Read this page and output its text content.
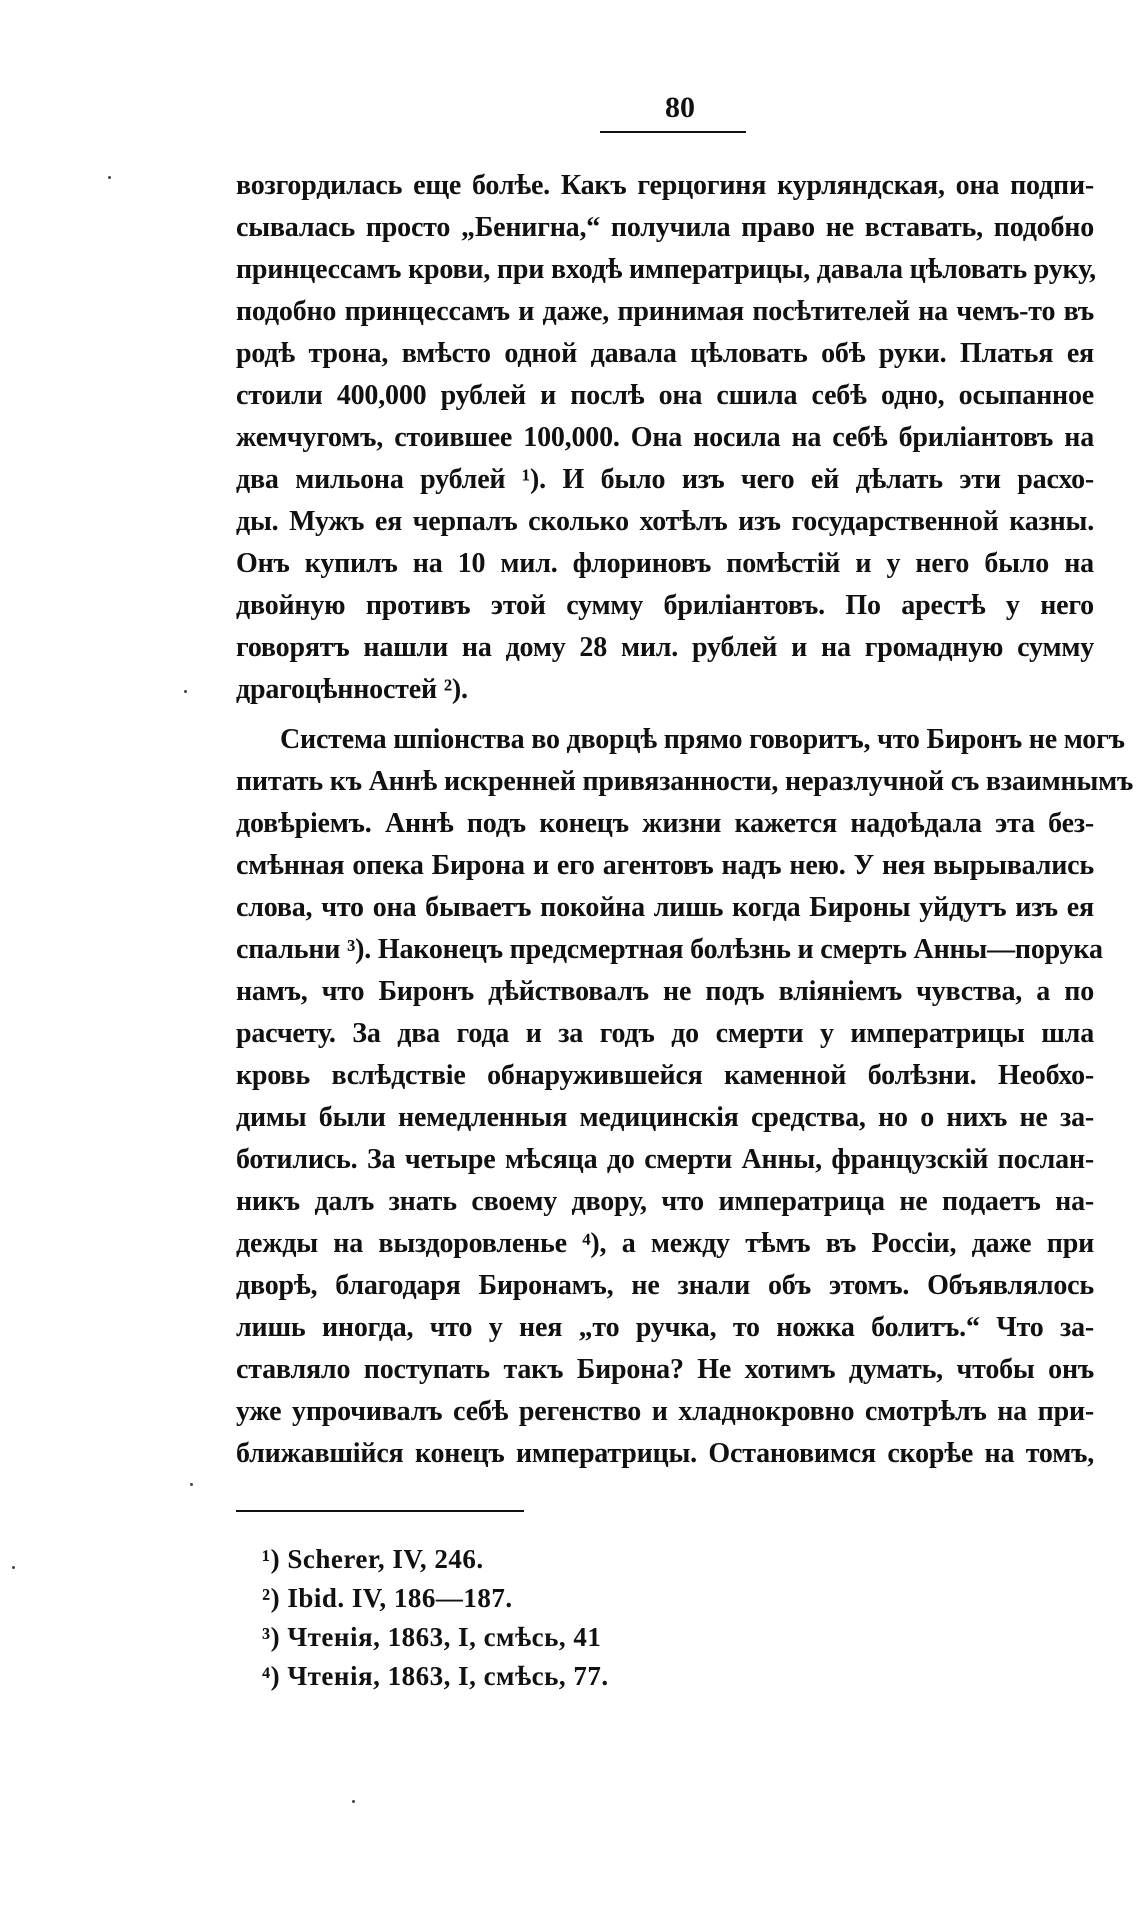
80
возгордилась еще болѣе. Какъ герцогиня курляндская, она подпи-
сывалась просто „Бенигна,“ получила право не вставать, подобно
принцессамъ крови, при входѣ императрицы, давала цѣловать руку,
подобно принцессамъ и даже, принимая посѣтителей на чемъ-то въ
родѣ трона, вмѣсто одной давала цѣловать обѣ руки. Платья ея
стоили 400,000 рублей и послѣ она сшила себѣ одно, осыпанное
жемчугомъ, стоившее 100,000. Она носила на себѣ бриліантовъ на
два мильона рублей ¹). И было изъ чего ей дѣлать эти расхо-
ды. Мужъ ея черпалъ сколько хотѣлъ изъ государственной казны.
Онъ купилъ на 10 мил. флориновъ помѣстій и у него было на
двойную противъ этой сумму бриліантовъ. По арестѣ у него
говорятъ нашли на дому 28 мил. рублей и на громадную сумму
драгоцѣнностей ²).
Система шпіонства во дворцѣ прямо говоритъ, что Биронъ не могъ
питать къ Аннѣ искренней привязанности, неразлучной съ взаимнымъ
довѣріемъ. Аннѣ подъ конецъ жизни кажется надоѣдала эта без-
смѣнная опека Бирона и его агентовъ надъ нею. У нея вырывались
слова, что она бываетъ покойна лишь когда Бироны уйдутъ изъ ея
спальни ³). Наконецъ предсмертная болѣзнь и смерть Анны—порука
намъ, что Биронъ дѣйствовалъ не подъ вліяніемъ чувства, а по
расчету. За два года и за годъ до смерти у императрицы шла
кровь вслѣдствіе обнаружившейся каменной болѣзни. Необхо-
димы были немедленныя медицинскія средства, но о нихъ не за-
ботились. За четыре мѣсяца до смерти Анны, французскій послан-
никъ далъ знать своему двору, что императрица не подаетъ на-
дежды на выздоровленье ⁴), а между тѣмъ въ Россіи, даже при
дворѣ, благодаря Биронамъ, не знали объ этомъ. Объявлялось
лишь иногда, что у нея „то ручка, то ножка болитъ.“ Что за-
ставляло поступать такъ Бирона? Не хотимъ думать, чтобы онъ
уже упрочивалъ себѣ регенство и хладнокровно смотрѣлъ на при-
ближавшійся конецъ императрицы. Остановимся скорѣе на томъ,
¹) Scherer, IV, 246.
²) Ibid. IV, 186—187.
³) Чтенія, 1863, I, смѣсь, 41
⁴) Чтенія, 1863, I, смѣсь, 77.
